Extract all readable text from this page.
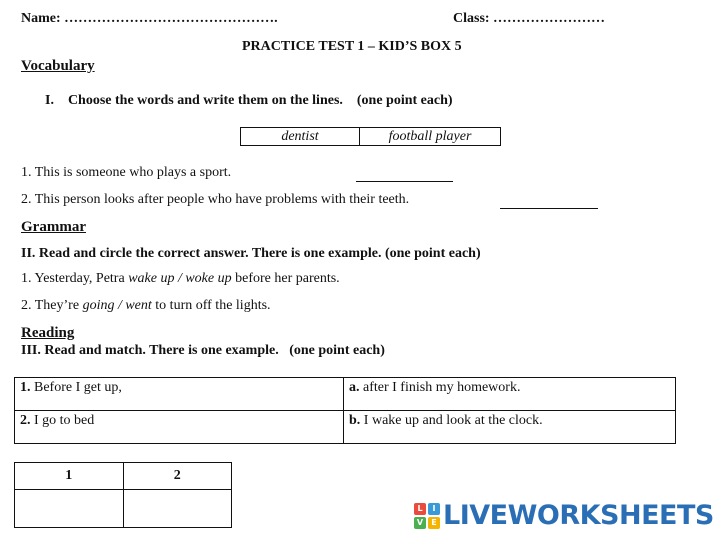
Name: ……………………………………….	Class: ……………………
PRACTICE TEST 1 – KID’S BOX 5
Vocabulary
I.    Choose the words and write them on the lines.    (one point each)
dentist	football player
1. This is someone who plays a sport.
2. This person looks after people who have problems with their teeth.
Grammar
II. Read and circle the correct answer. There is one example. (one point each)
1. Yesterday, Petra wake up / woke up before her parents.
2. They’re going / went to turn off the lights.
Reading
III. Read and match. There is one example.   (one point each)
1. Before I get up,	a. after I finish my homework.
2. I go to bed	b. I wake up and look at the clock.
1	2

L	I
V	E LIVEWORKSHEETS
